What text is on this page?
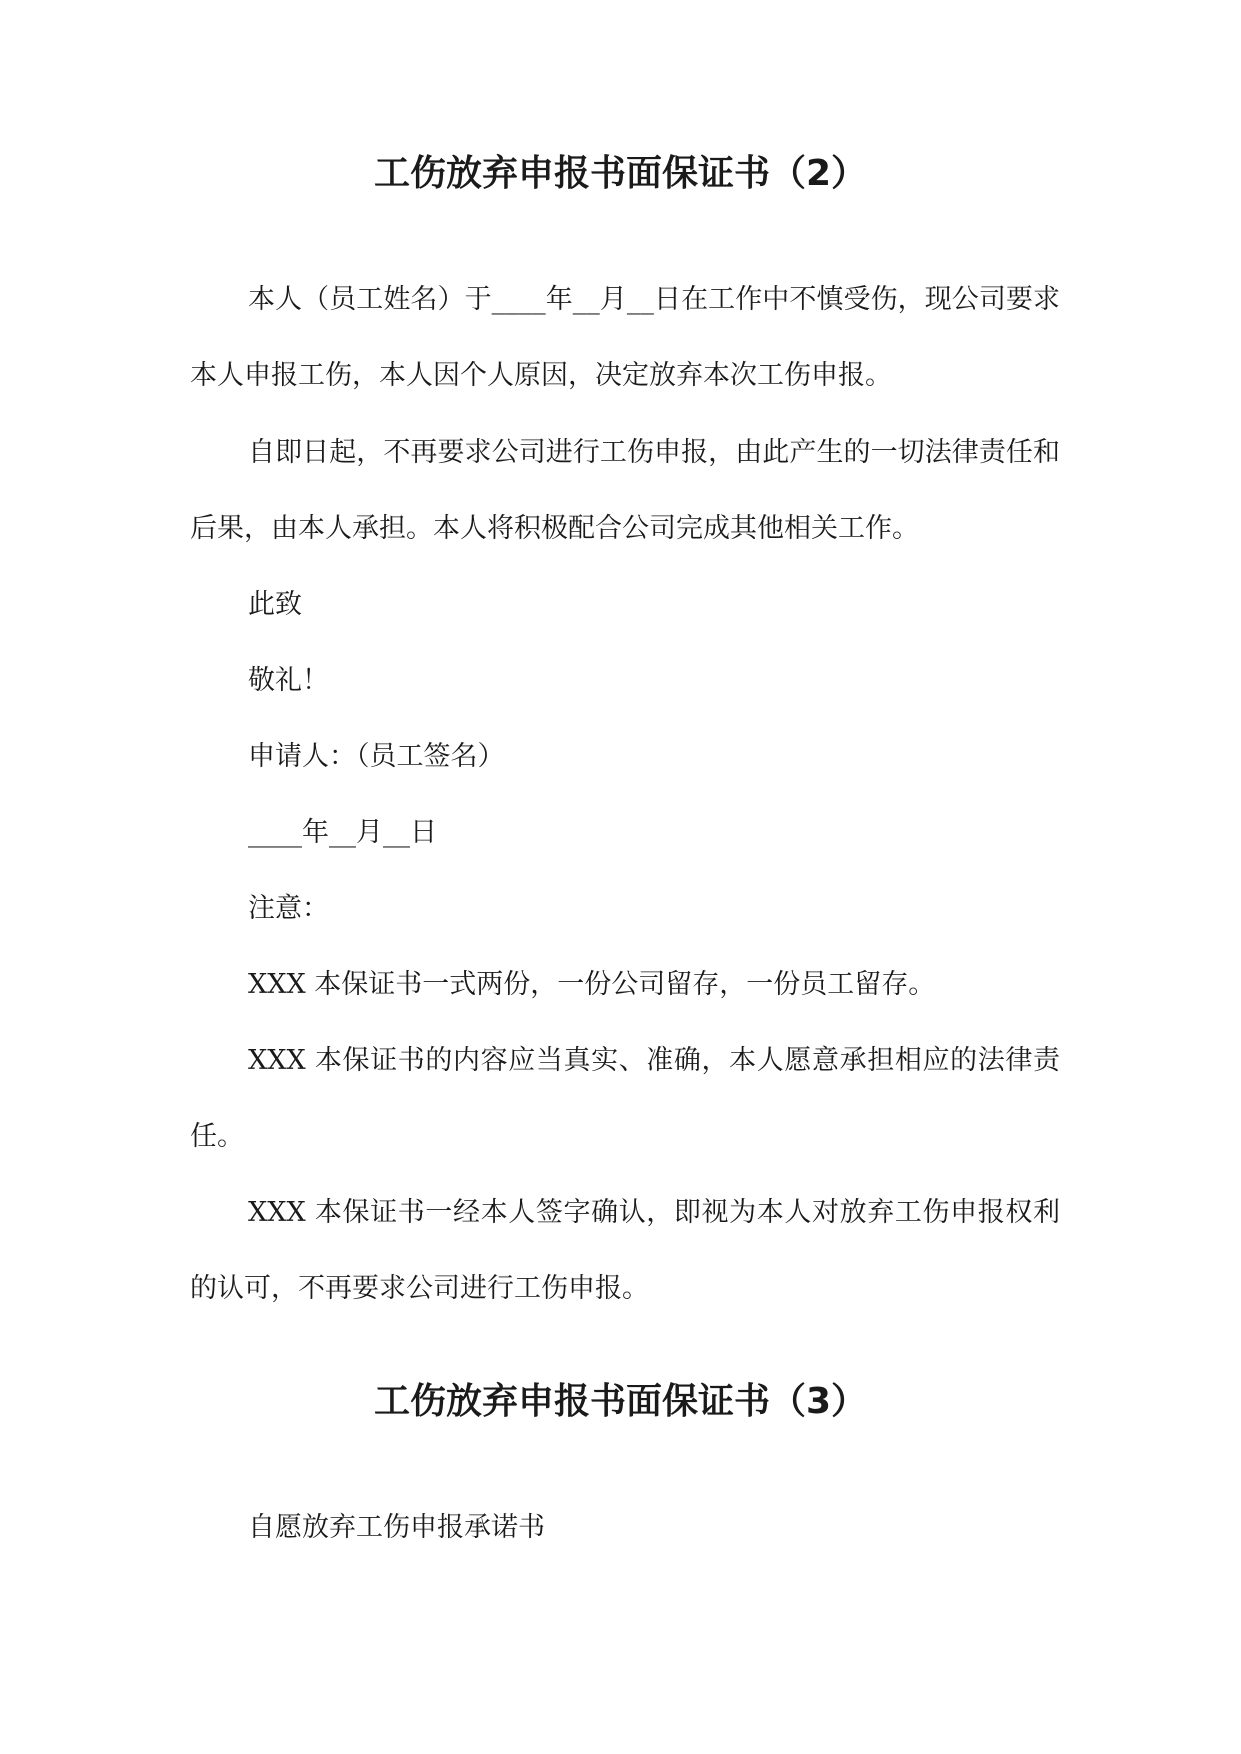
工伤放弃申报书面保证书（2）

本人（员工姓名）于____年__月__日在工作中不慎受伤，现公司要求本人申报工伤，本人因个人原因，决定放弃本次工伤申报。

自即日起，不再要求公司进行工伤申报，由此产生的一切法律责任和后果，由本人承担。本人将积极配合公司完成其他相关工作。

此致

敬礼！

申请人：（员工签名）

____年__月__日

注意：

XXX 本保证书一式两份，一份公司留存，一份员工留存。

XXX 本保证书的内容应当真实、准确，本人愿意承担相应的法律责任。

XXX 本保证书一经本人签字确认，即视为本人对放弃工伤申报权利的认可，不再要求公司进行工伤申报。

工伤放弃申报书面保证书（3）

自愿放弃工伤申报承诺书
